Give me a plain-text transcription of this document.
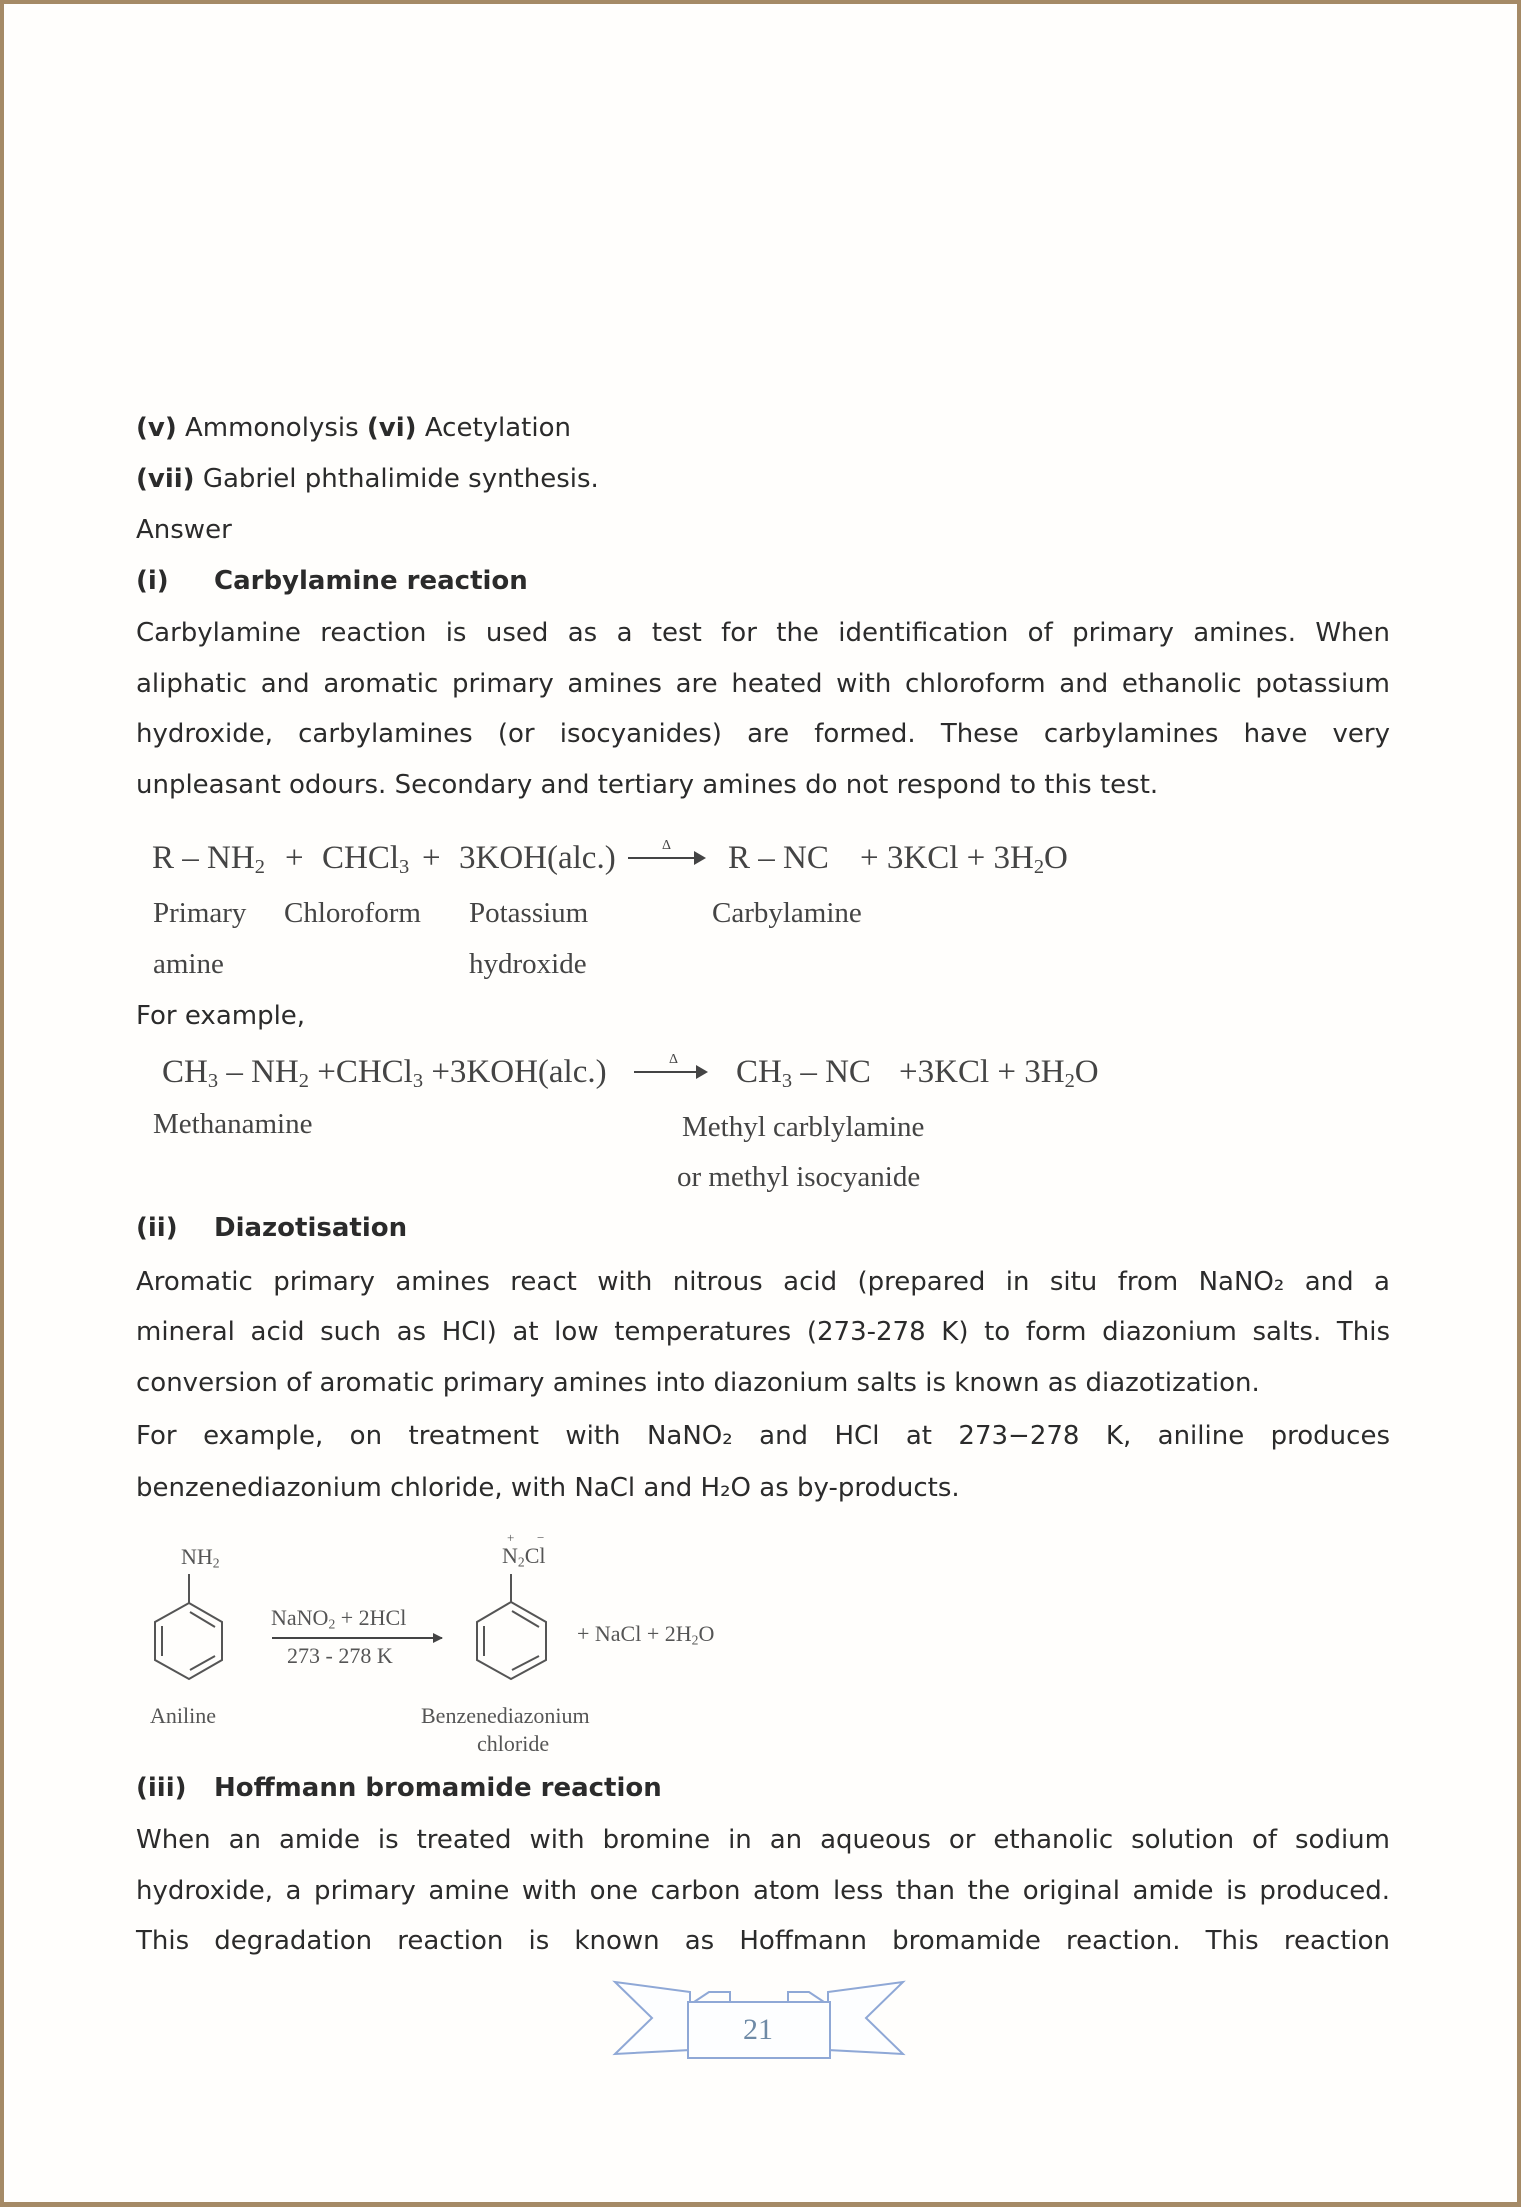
(v) Ammonolysis (vi) Acetylation
(vii) Gabriel phthalimide synthesis.
Answer
(i) Carbylamine reaction
Carbylamine reaction is used as a test for the identification of primary amines. When
aliphatic and aromatic primary amines are heated with chloroform and ethanolic potassium
hydroxide, carbylamines (or isocyanides) are formed. These carbylamines have very
unpleasant odours. Secondary and tertiary amines do not respond to this test.
R – $NH_2$ + CHCl$_3$ + 3KOH(alc.)	Δ R – NC + $3KCl + 3H_2O$
Primary
amine
Chloroform Potassium
hydroxide
Carbylamine
For example,
$CH_3 - NH_2$ +CHCl$_3$ +3KOH(alc.)	Δ $CH_3$ – NC $+3KCl + 3H_2O$
Methanamine	Methyl carblylamine
or methyl isocyanide
(ii) Diazotisation
Aromatic primary amines react with nitrous acid (prepared in situ from NaNO₂ and a
mineral acid such as HCl) at low temperatures (273-278 K) to form diazonium salts. This
conversion of aromatic primary amines into diazonium salts is known as diazotization.
For example, on treatment with NaNO₂ and HCl at 273−278 K, aniline produces
benzenediazonium chloride, with NaCl and H₂O as by-products.
$NH_2$
Aniline
NaNO$_2$ + 2HCl
273 - 278 K
$N_2Cl$
+ −
+ NaCl + $2H_2O$
Benzenediazonium
chloride
(iii) Hoffmann bromamide reaction
When an amide is treated with bromine in an aqueous or ethanolic solution of sodium
hydroxide, a primary amine with one carbon atom less than the original amide is produced.
This degradation reaction is known as Hoffmann bromamide reaction. This reaction
21
